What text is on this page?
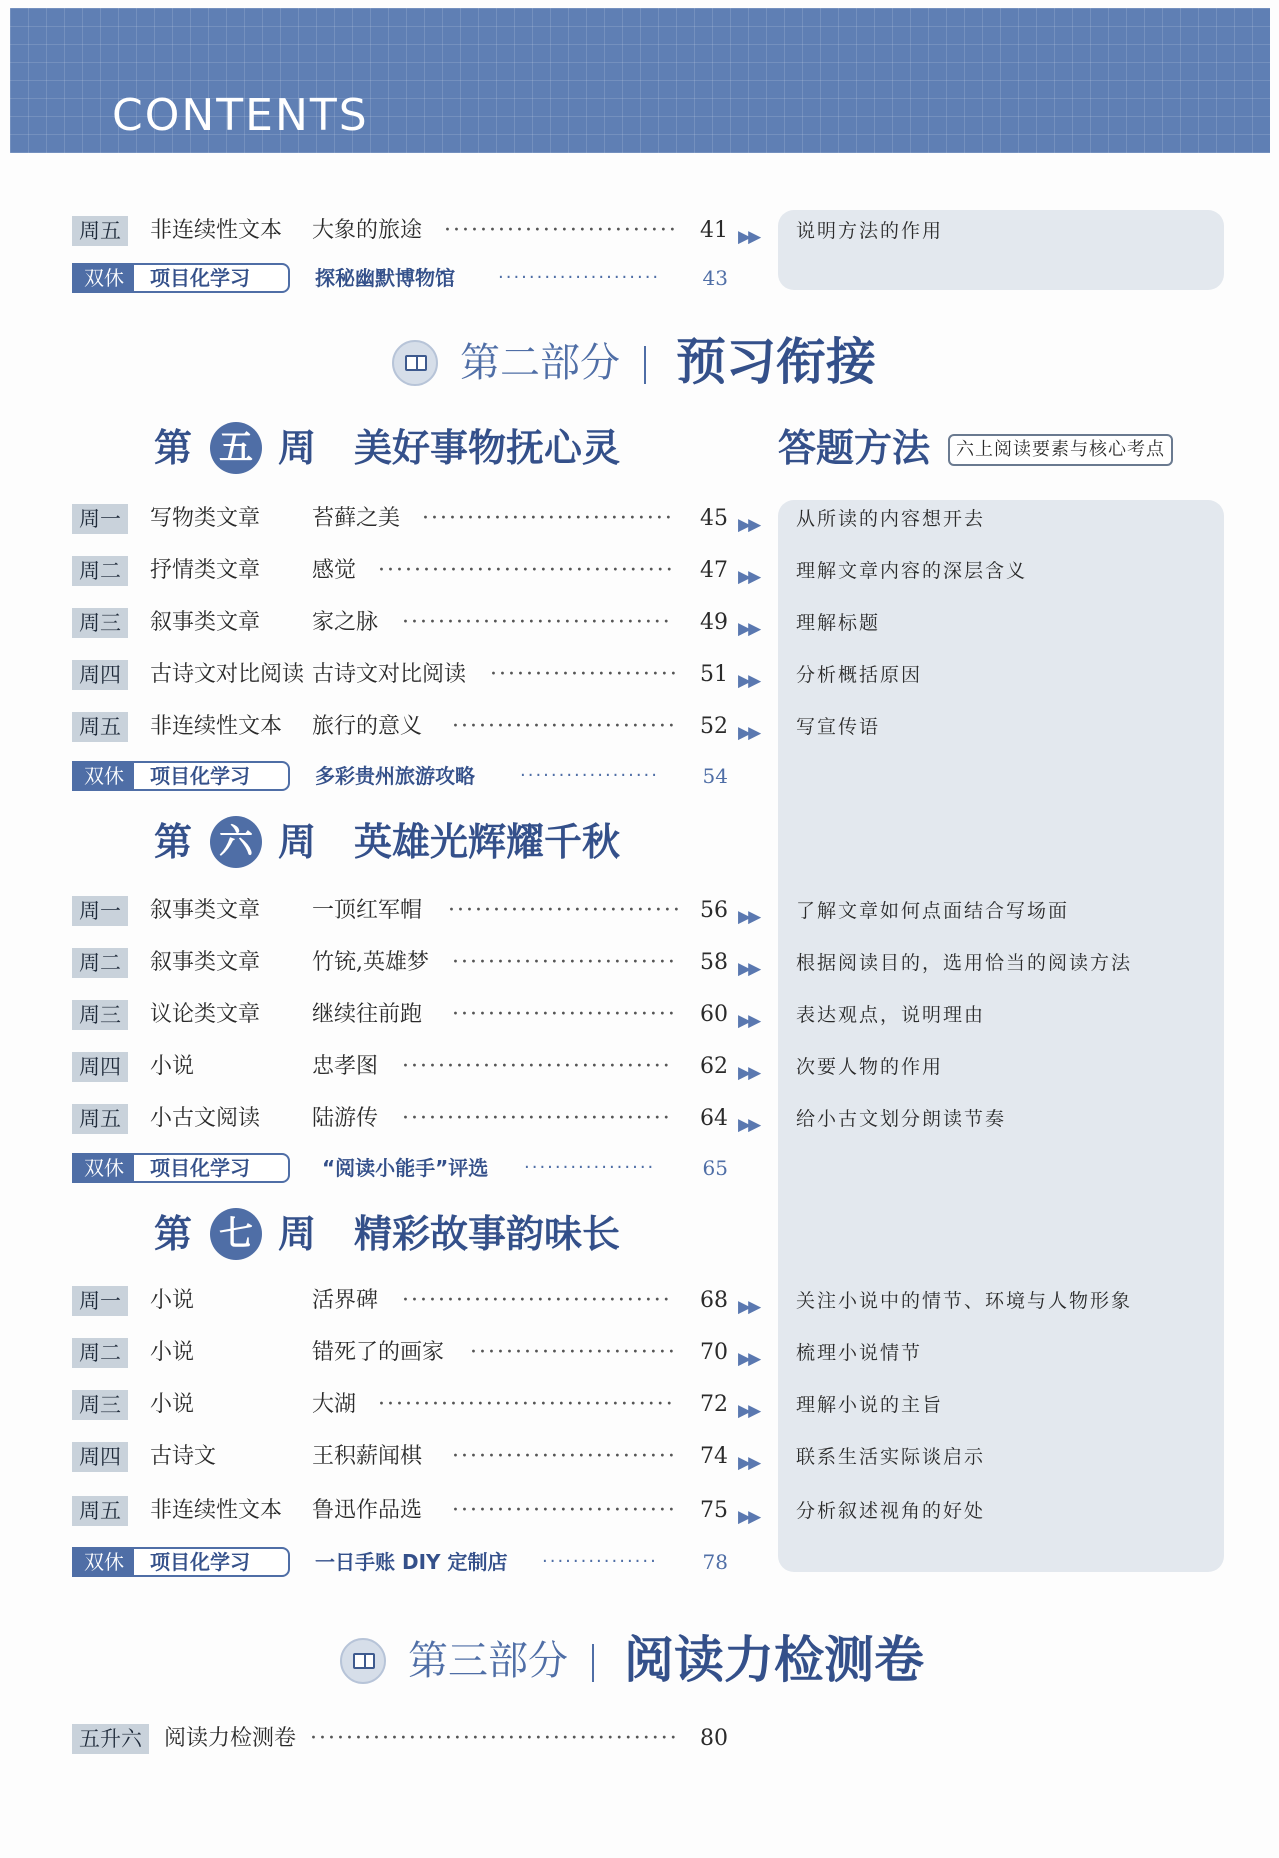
CONTENTS
周五	非连续性文本 大象的旅途 ··························	41 ▶▶ 说明方法的作用
双休	项目化学习	探秘幽默博物馆 ·····················	43
第二部分 预习衔接
第 五 周 美好事物抚心灵	答题方法	六上阅读要素与核心考点
周一	写物类文章 苔藓之美 ····························	45 ▶▶ 从所读的内容想开去
周二	抒情类文章 感觉 ·································	47 ▶▶ 理解文章内容的深层含义
周三	叙事类文章 家之脉 ······························	49 ▶▶ 理解标题
周四	古诗文对比阅读 古诗文对比阅读 ····················· 51 ▶▶ 分析概括原因
周五	非连续性文本 旅行的意义 ·························	52 ▶▶ 写宣传语
双休	项目化学习	多彩贵州旅游攻略	··················	54
第 六 周 英雄光辉耀千秋
周一	叙事类文章 一顶红军帽 ·························· 56 ▶▶ 了解文章如何点面结合写场面
周二	叙事类文章 竹铳,英雄梦 ·························	58 ▶▶ 根据阅读目的，选用恰当的阅读方法
周三	议论类文章 继续往前跑 ·························	60 ▶▶ 表达观点，说明理由
周四	小说	忠孝图 ······························	62 ▶▶ 次要人物的作用
周五	小古文阅读 陆游传 ······························	64 ▶▶ 给小古文划分朗读节奏
双休	项目化学习	“阅读小能手”评选 ·················	65
第 七 周 精彩故事韵味长
周一	小说	活界碑 ······························	68 ▶▶ 关注小说中的情节、环境与人物形象
周二	小说	错死了的画家 ·······················	70 ▶▶ 梳理小说情节
周三	小说	大湖 ·································	72 ▶▶ 理解小说的主旨
周四	古诗文	王积薪闻棋 ·························	74 ▶▶ 联系生活实际谈启示
周五	非连续性文本 鲁迅作品选 ·························	75 ▶▶ 分析叙述视角的好处
双休	项目化学习	一日手账 DIY 定制店 ···············	78
第三部分 阅读力检测卷
五升六	阅读力检测卷 ········································· 80
